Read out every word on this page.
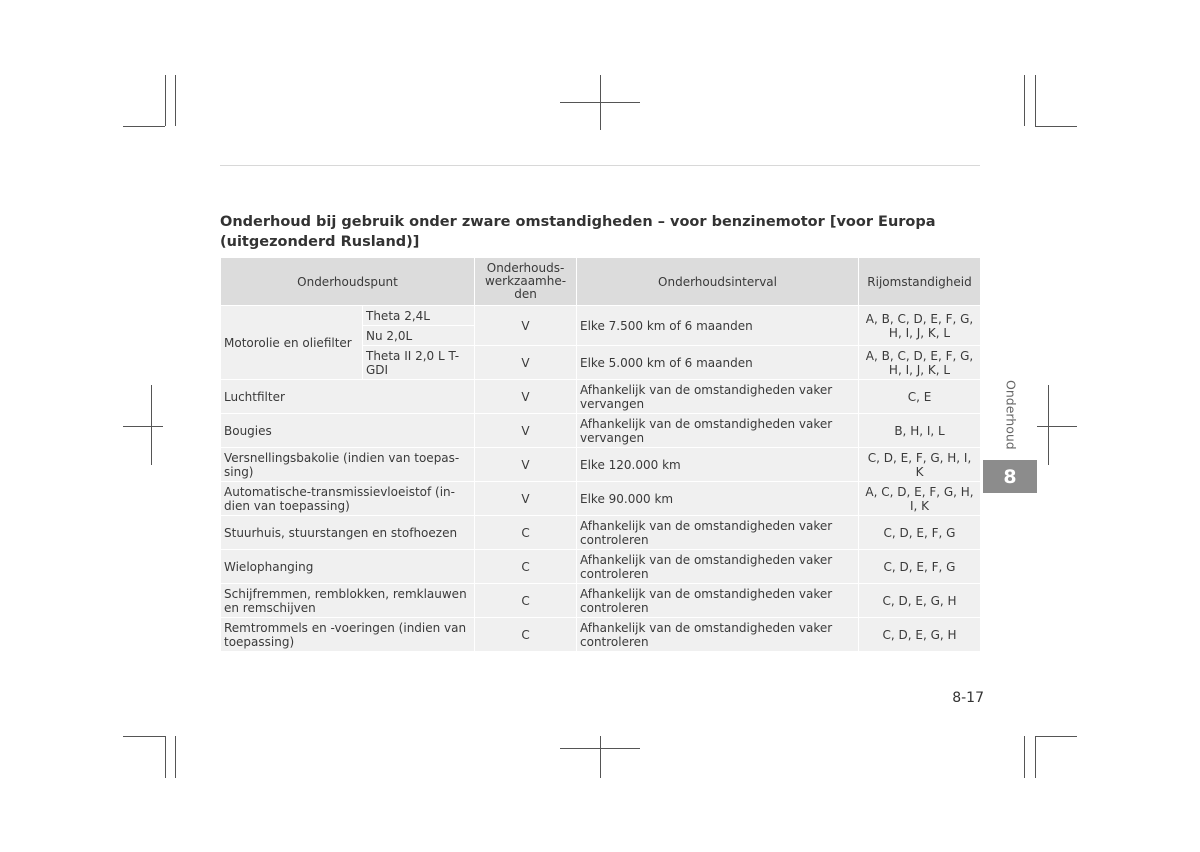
Onderhoud bij gebruik onder zware omstandigheden – voor benzinemotor [voor Europa (uitgezonderd Rusland)]
Onderhoudspunt		Onderhouds-werkzaamhe-den	Onderhoudsinterval	Rijomstandigheid
Motorolie en oliefilter	Theta 2,4L	V	Elke 7.500 km of 6 maanden	A, B, C, D, E, F, G, H, I, J, K, L
	Nu 2,0L			
	Theta II 2,0 L T-GDI	V	Elke 5.000 km of 6 maanden	A, B, C, D, E, F, G, H, I, J, K, L
Luchtfilter		V	Afhankelijk van de omstandigheden vaker vervangen	C, E
Bougies		V	Afhankelijk van de omstandigheden vaker vervangen	B, H, I, L
Versnellingsbakolie (indien van toepas-sing)		V	Elke 120.000 km	C, D, E, F, G, H, I, K
Automatische-transmissievloeistof (in-dien van toepassing)		V	Elke 90.000 km	A, C, D, E, F, G, H, I, K
Stuurhuis, stuurstangen en stofhoezen		C	Afhankelijk van de omstandigheden vaker controleren	C, D, E, F, G
Wielophanging		C	Afhankelijk van de omstandigheden vaker controleren	C, D, E, F, G
Schijfremmen, remblokken, remklauwen en remschijven		C	Afhankelijk van de omstandigheden vaker controleren	C, D, E, G, H
Remtrommels en -voeringen (indien van toepassing)		C	Afhankelijk van de omstandigheden vaker controleren	C, D, E, G, H
Onderhoud
8
8-17
